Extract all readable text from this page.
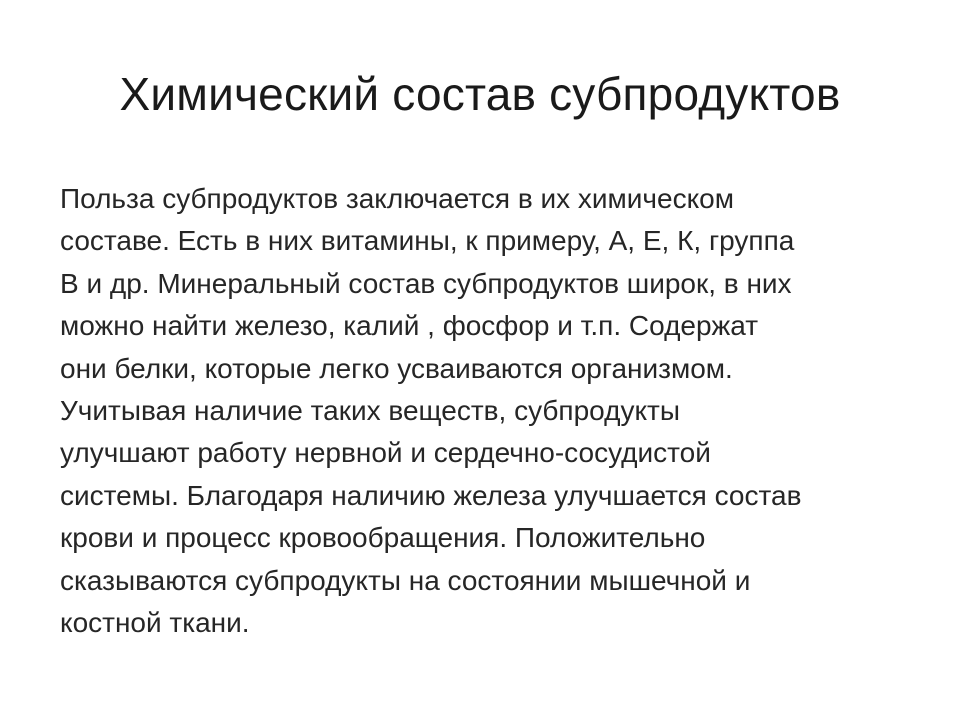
Химический состав субпродуктов
Польза субпродуктов заключается в их химическом
составе. Есть в них витамины, к примеру, А, Е, К, группа
В и др. Минеральный состав субпродуктов широк, в них
можно найти железо, калий , фосфор и т.п. Содержат
они белки, которые легко усваиваются организмом.
Учитывая наличие таких веществ, субпродукты
улучшают работу нервной и сердечно-сосудистой
системы. Благодаря наличию железа улучшается состав
крови и процесс кровообращения. Положительно
сказываются субпродукты на состоянии мышечной и
костной ткани.
